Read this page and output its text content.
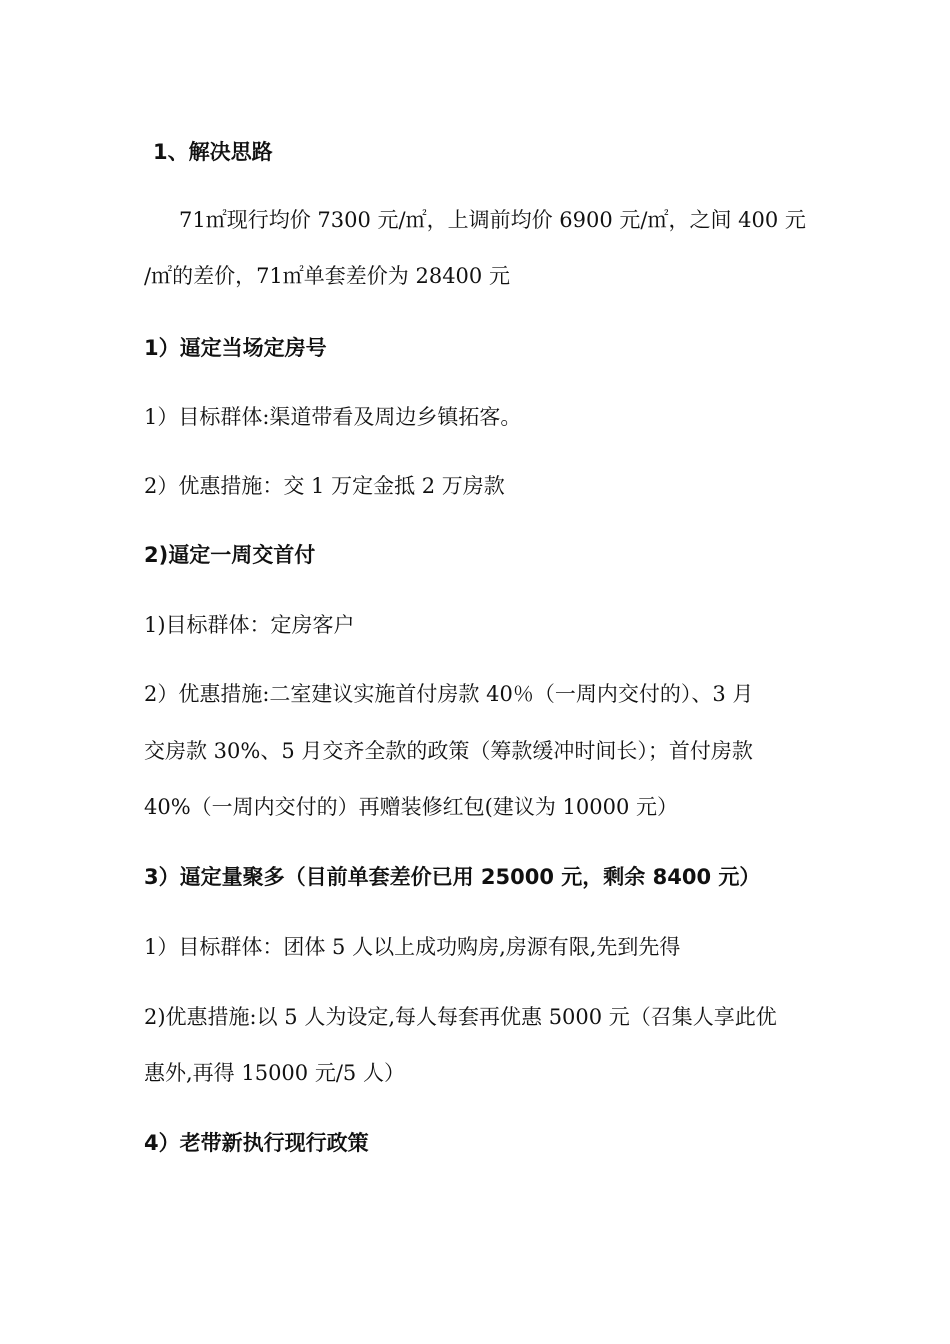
1、解决思路
71㎡现行均价 7300 元/㎡，上调前均价 6900 元/㎡，之间 400 元
/㎡的差价，71㎡单套差价为 28400 元
1）逼定当场定房号
1）目标群体:渠道带看及周边乡镇拓客。
2）优惠措施：交 1 万定金抵 2 万房款
2)逼定一周交首付
1)目标群体：定房客户
2）优惠措施:二室建议实施首付房款 40％（一周内交付的）、3 月
交房款 30%、5 月交齐全款的政策（筹款缓冲时间长）；首付房款
40%（一周内交付的）再赠装修红包(建议为 10000 元）
3）逼定量聚多（目前单套差价已用 25000 元，剩余 8400 元）
1）目标群体：团体 5 人以上成功购房,房源有限,先到先得
2)优惠措施:以 5 人为设定,每人每套再优惠 5000 元（召集人享此优
惠外,再得 15000 元/5 人）
4）老带新执行现行政策
